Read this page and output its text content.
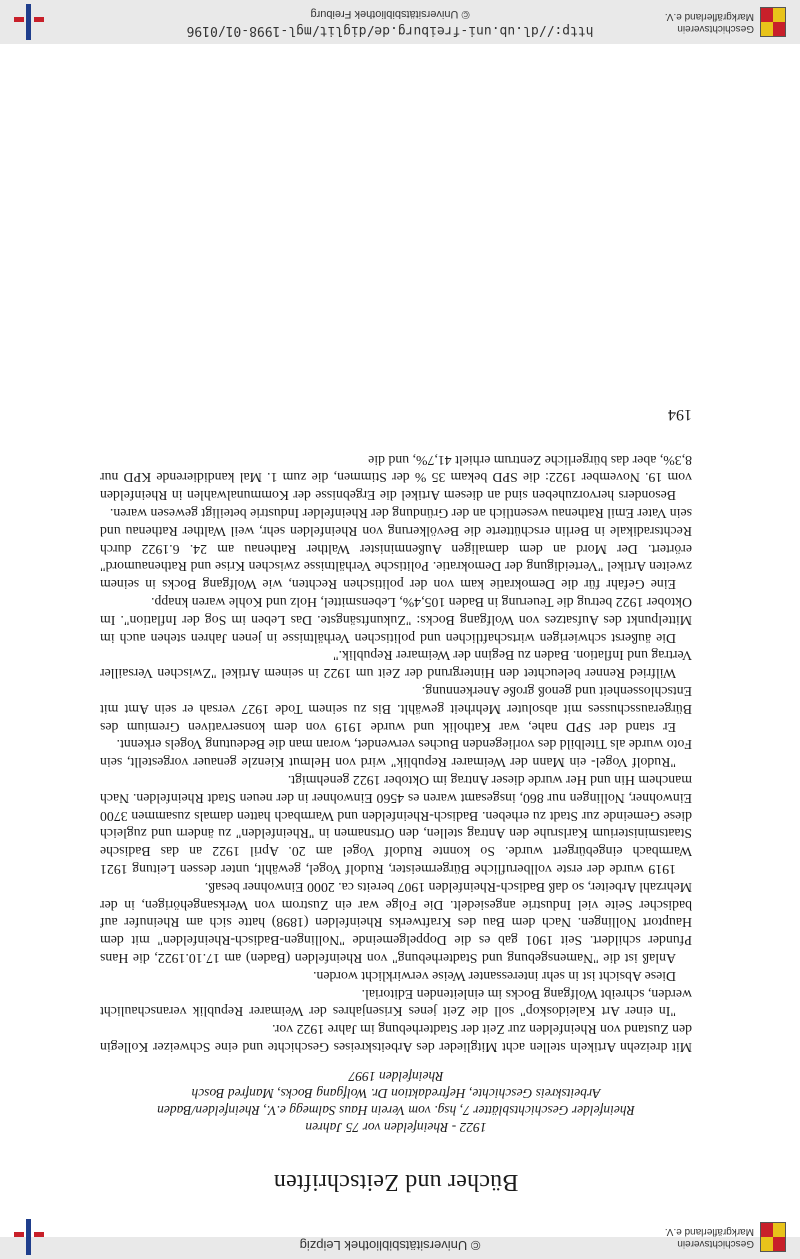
Geschichtsverein
Markgräflerland e.V.
http://dl.ub.uni-freiburg.de/diglit/mgl-1998-01/0196
© Universitätsbibliothek Freiburg
Bücher und Zeitschriften
1922 - Rheinfelden vor 75 Jahren
Rheinfelder Geschichtsblätter 7, hsg. vom Verein Haus Salmegg e.V., Rheinfelden/Baden
Arbeitskreis Geschichte, Heftredaktion Dr. Wolfgang Bocks, Manfred Bosch
Rheinfelden 1997

Mit dreizehn Artikeln stellen acht Mitglieder des Arbeitskreises Geschichte und eine Schweizer Kollegin den Zustand von Rheinfelden zur Zeit der Stadterhebung im Jahre 1922 vor.

"In einer Art Kaleidoskop" soll die Zeit jenes Krisenjahres der Weimarer Republik veranschaulicht werden, schreibt Wolfgang Bocks im einleitenden Editorial.

Diese Absicht ist in sehr interessanter Weise verwirklicht worden.

Anlaß ist die "Namensgebung und Stadterhebung" von Rheinfelden (Baden) am 17.10.1922, die Hans Pfunder schildert. Seit 1901 gab es die Doppelgemeinde "Nollingen-Badisch-Rheinfelden" mit dem Hauptort Nollingen. Nach dem Bau des Kraftwerks Rheinfelden (1898) hatte sich am Rheinufer auf badischer Seite viel Industrie angesiedelt. Die Folge war ein Zustrom von Werksangehörigen, in der Mehrzahl Arbeiter, so daß Badisch-Rheinfelden 1907 bereits ca. 2000 Einwohner besaß.

1919 wurde der erste vollberufliche Bürgermeister, Rudolf Vogel, gewählt, unter dessen Leitung 1921 Warmbach eingebürgert wurde. So konnte Rudolf Vogel am 20. April 1922 an das Badische Staatsministerium Karlsruhe den Antrag stellen, den Ortsnamen in "Rheinfelden" zu ändern und zugleich diese Gemeinde zur Stadt zu erheben. Badisch-Rheinfelden und Warmbach hatten damals zusammen 3700 Einwohner, Nollingen nur 860, insgesamt waren es 4560 Einwohner in der neuen Stadt Rheinfelden. Nach manchem Hin und Her wurde dieser Antrag im Oktober 1922 genehmigt.

"Rudolf Vogel- ein Mann der Weimarer Republik" wird von Helmut Kienzle genauer vorgestellt, sein Foto wurde als Titelbild des vorliegenden Buches verwendet, woran man die Bedeutung Vogels erkennt.

Er stand der SPD nahe, war Katholik und wurde 1919 von dem konservativen Gremium des Bürgerausschusses mit absoluter Mehrheit gewählt. Bis zu seinem Tode 1927 versah er sein Amt mit Entschlossenheit und genoß große Anerkennung.

Wilfried Renner beleuchtet den Hintergrund der Zeit um 1922 in seinem Artikel "Zwischen Versailler Vertrag und Inflation. Baden zu Beginn der Weimarer Republik."

Die äußerst schwierigen wirtschaftlichen und politischen Verhältnisse in jenen Jahren stehen auch im Mittelpunkt des Aufsatzes von Wolfgang Bocks: "Zukunftsängste. Das Leben im Sog der Inflation". Im Oktober 1922 betrug die Teuerung in Baden 105,4%, Lebensmittel, Holz und Kohle waren knapp.

Eine Gefahr für die Demokratie kam von der politischen Rechten, wie Wolfgang Bocks in seinem zweiten Artikel "Verteidigung der Demokratie. Politische Verhältnisse zwischen Krise und Rathenaumord" erörtert. Der Mord an dem damaligen Außenminister Walther Rathenau am 24. 6.1922 durch Rechtsradikale in Berlin erschütterte die Bevölkerung von Rheinfelden sehr, weil Walther Rathenau und sein Vater Emil Rathenau wesentlich an der Gründung der Rheinfelder Industrie beteiligt gewesen waren.

Besonders hervorzuheben sind an diesem Artikel die Ergebnisse der Kommunalwahlen in Rheinfelden vom 19. November 1922: die SPD bekam 35 % der Stimmen, die zum 1. Mal kandidierende KPD nur 8,3%, aber das bürgerliche Zentrum erhielt 41,7%, und die

194
Geschichtsverein
Markgräflerland e.V.
© Universitätsbibliothek Leipzig
